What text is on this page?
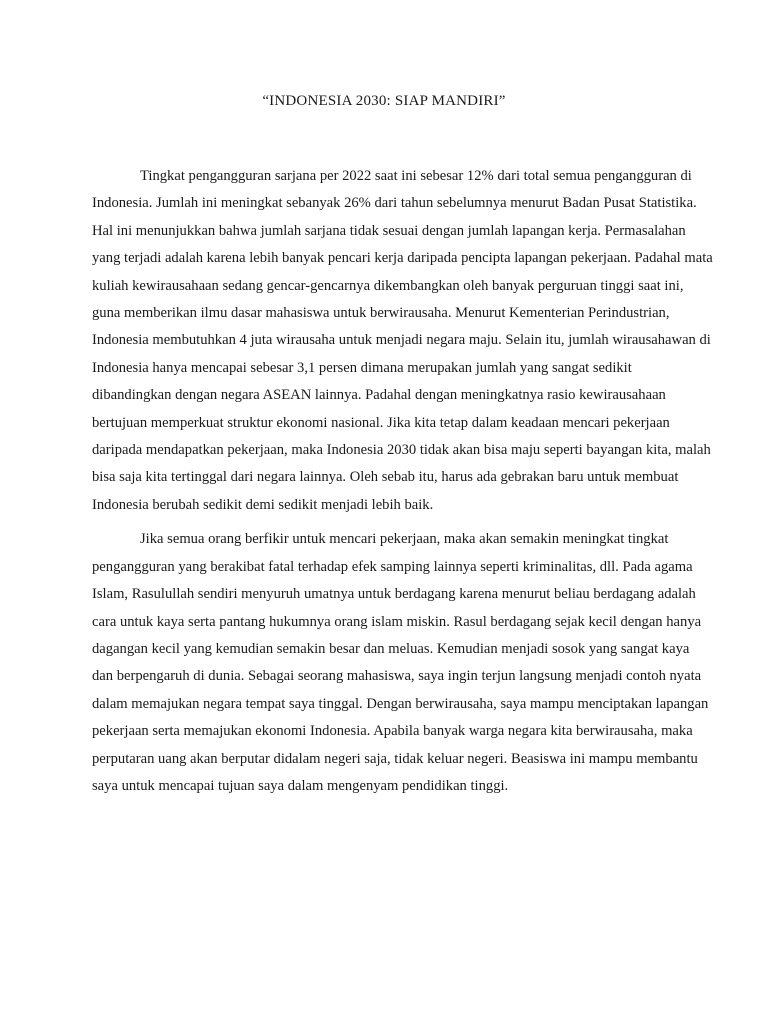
“INDONESIA 2030: SIAP MANDIRI”

Tingkat pengangguran sarjana per 2022 saat ini sebesar 12% dari total semua pengangguran di Indonesia. Jumlah ini meningkat sebanyak 26% dari tahun sebelumnya menurut Badan Pusat Statistika. Hal ini menunjukkan bahwa jumlah sarjana tidak sesuai dengan jumlah lapangan kerja. Permasalahan yang terjadi adalah karena lebih banyak pencari kerja daripada pencipta lapangan pekerjaan. Padahal mata kuliah kewirausahaan sedang gencar-gencarnya dikembangkan oleh banyak perguruan tinggi saat ini, guna memberikan ilmu dasar mahasiswa untuk berwirausaha. Menurut Kementerian Perindustrian, Indonesia membutuhkan 4 juta wirausaha untuk menjadi negara maju. Selain itu, jumlah wirausahawan di Indonesia hanya mencapai sebesar 3,1 persen dimana merupakan jumlah yang sangat sedikit dibandingkan dengan negara ASEAN lainnya. Padahal dengan meningkatnya rasio kewirausahaan bertujuan memperkuat struktur ekonomi nasional. Jika kita tetap dalam keadaan mencari pekerjaan daripada mendapatkan pekerjaan, maka Indonesia 2030 tidak akan bisa maju seperti bayangan kita, malah bisa saja kita tertinggal dari negara lainnya. Oleh sebab itu, harus ada gebrakan baru untuk membuat Indonesia berubah sedikit demi sedikit menjadi lebih baik.

Jika semua orang berfikir untuk mencari pekerjaan, maka akan semakin meningkat tingkat pengangguran yang berakibat fatal terhadap efek samping lainnya seperti kriminalitas, dll. Pada agama Islam, Rasulullah sendiri menyuruh umatnya untuk berdagang karena menurut beliau berdagang adalah cara untuk kaya serta pantang hukumnya orang islam miskin. Rasul berdagang sejak kecil dengan hanya dagangan kecil yang kemudian semakin besar dan meluas. Kemudian menjadi sosok yang sangat kaya dan berpengaruh di dunia. Sebagai seorang mahasiswa, saya ingin terjun langsung menjadi contoh nyata dalam memajukan negara tempat saya tinggal. Dengan berwirausaha, saya mampu menciptakan lapangan pekerjaan serta memajukan ekonomi Indonesia. Apabila banyak warga negara kita berwirausaha, maka perputaran uang akan berputar didalam negeri saja, tidak keluar negeri. Beasiswa ini mampu membantu saya untuk mencapai tujuan saya dalam mengenyam pendidikan tinggi.
